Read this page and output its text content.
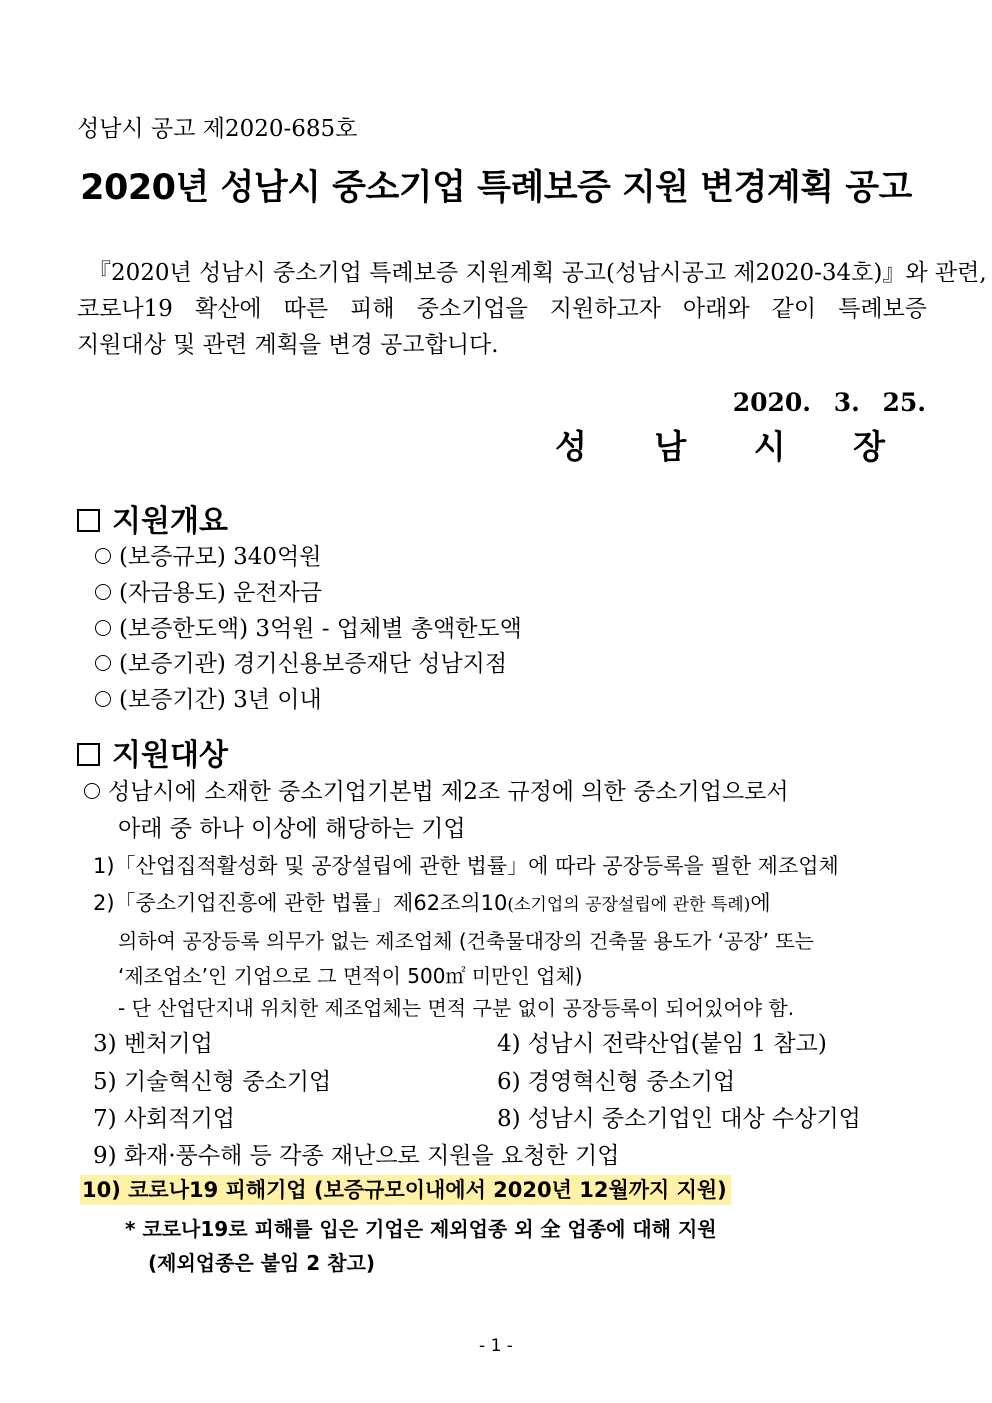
성남시 공고 제2020-685호
2020년 성남시 중소기업 특례보증 지원 변경계획 공고
『2020년 성남시 중소기업 특례보증 지원계획 공고(성남시공고 제2020-34호)』와 관련,
코로나19 확산에 따른 피해 중소기업을 지원하고자 아래와 같이 특례보증
지원대상 및 관련 계획을 변경 공고합니다.
2020. 3. 25.
성 남 시 장
지원개요
(보증규모) 340억원
(자금용도) 운전자금
(보증한도액) 3억원 - 업체별 총액한도액
(보증기관) 경기신용보증재단 성남지점
(보증기간) 3년 이내
지원대상
성남시에 소재한 중소기업기본법 제2조 규정에 의한 중소기업으로서
아래 중 하나 이상에 해당하는 기업
1)「산업집적활성화 및 공장설립에 관한 법률」에 따라 공장등록을 필한 제조업체
2)「중소기업진흥에 관한 법률」제62조의10(소기업의 공장설립에 관한 특례)에
의하여 공장등록 의무가 없는 제조업체 (건축물대장의 건축물 용도가 ‘공장’ 또는
‘제조업소’인 기업으로 그 면적이 500㎡ 미만인 업체)
- 단 산업단지내 위치한 제조업체는 면적 구분 없이 공장등록이 되어있어야 함.
3) 벤처기업	4) 성남시 전략산업(붙임 1 참고)
5) 기술혁신형 중소기업	6) 경영혁신형 중소기업
7) 사회적기업	8) 성남시 중소기업인 대상 수상기업
9) 화재·풍수해 등 각종 재난으로 지원을 요청한 기업
10) 코로나19 피해기업 (보증규모이내에서 2020년 12월까지 지원)
* 코로나19로 피해를 입은 기업은 제외업종 외 全 업종에 대해 지원
(제외업종은 붙임 2 참고)
- 1 -
